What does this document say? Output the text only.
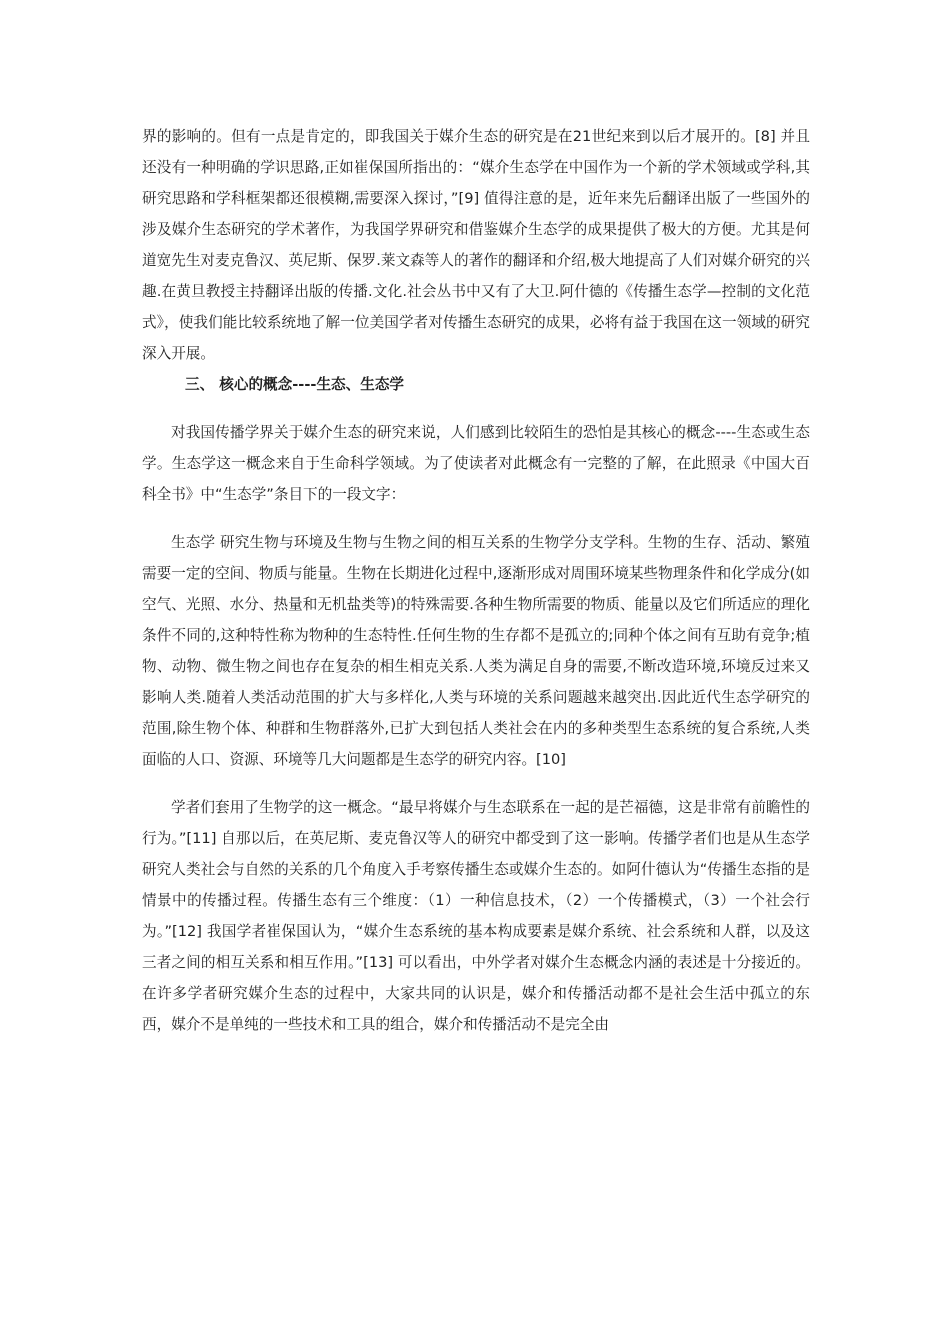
界的影响的。但有一点是肯定的，即我国关于媒介生态的研究是在21世纪来到以后才展开的。[8] 并且还没有一种明确的学识思路,正如崔保国所指出的：“媒介生态学在中国作为一个新的学术领域或学科,其研究思路和学科框架都还很模糊,需要深入探讨，”[9] 值得注意的是，近年来先后翻译出版了一些国外的涉及媒介生态研究的学术著作，为我国学界研究和借鉴媒介生态学的成果提供了极大的方便。尤其是何道宽先生对麦克鲁汉、英尼斯、保罗.莱文森等人的著作的翻译和介绍,极大地提高了人们对媒介研究的兴趣.在黄旦教授主持翻译出版的传播.文化.社会丛书中又有了大卫.阿什德的《传播生态学—控制的文化范式》，使我们能比较系统地了解一位美国学者对传播生态研究的成果，必将有益于我国在这一领域的研究深入开展。

三、 核心的概念----生态、生态学

对我国传播学界关于媒介生态的研究来说，人们感到比较陌生的恐怕是其核心的概念----生态或生态学。生态学这一概念来自于生命科学领域。为了使读者对此概念有一完整的了解，在此照录《中国大百科全书》中“生态学”条目下的一段文字：

生态学 研究生物与环境及生物与生物之间的相互关系的生物学分支学科。生物的生存、活动、繁殖需要一定的空间、物质与能量。生物在长期进化过程中,逐渐形成对周围环境某些物理条件和化学成分(如空气、光照、水分、热量和无机盐类等)的特殊需要.各种生物所需要的物质、能量以及它们所适应的理化条件不同的,这种特性称为物种的生态特性.任何生物的生存都不是孤立的;同种个体之间有互助有竞争;植物、动物、微生物之间也存在复杂的相生相克关系.人类为满足自身的需要,不断改造环境,环境反过来又影响人类.随着人类活动范围的扩大与多样化,人类与环境的关系问题越来越突出.因此近代生态学研究的范围,除生物个体、种群和生物群落外,已扩大到包括人类社会在内的多种类型生态系统的复合系统,人类面临的人口、资源、环境等几大问题都是生态学的研究内容。[10]

学者们套用了生物学的这一概念。“最早将媒介与生态联系在一起的是芒福德，这是非常有前瞻性的行为。”[11] 自那以后，在英尼斯、麦克鲁汉等人的研究中都受到了这一影响。传播学者们也是从生态学研究人类社会与自然的关系的几个角度入手考察传播生态或媒介生态的。如阿什德认为“传播生态指的是情景中的传播过程。传播生态有三个维度：（1）一种信息技术，（2）一个传播模式，（3）一个社会行为。”[12] 我国学者崔保国认为，“媒介生态系统的基本构成要素是媒介系统、社会系统和人群，以及这三者之间的相互关系和相互作用。”[13] 可以看出，中外学者对媒介生态概念内涵的表述是十分接近的。在许多学者研究媒介生态的过程中，大家共同的认识是，媒介和传播活动都不是社会生活中孤立的东西，媒介不是单纯的一些技术和工具的组合，媒介和传播活动不是完全由
